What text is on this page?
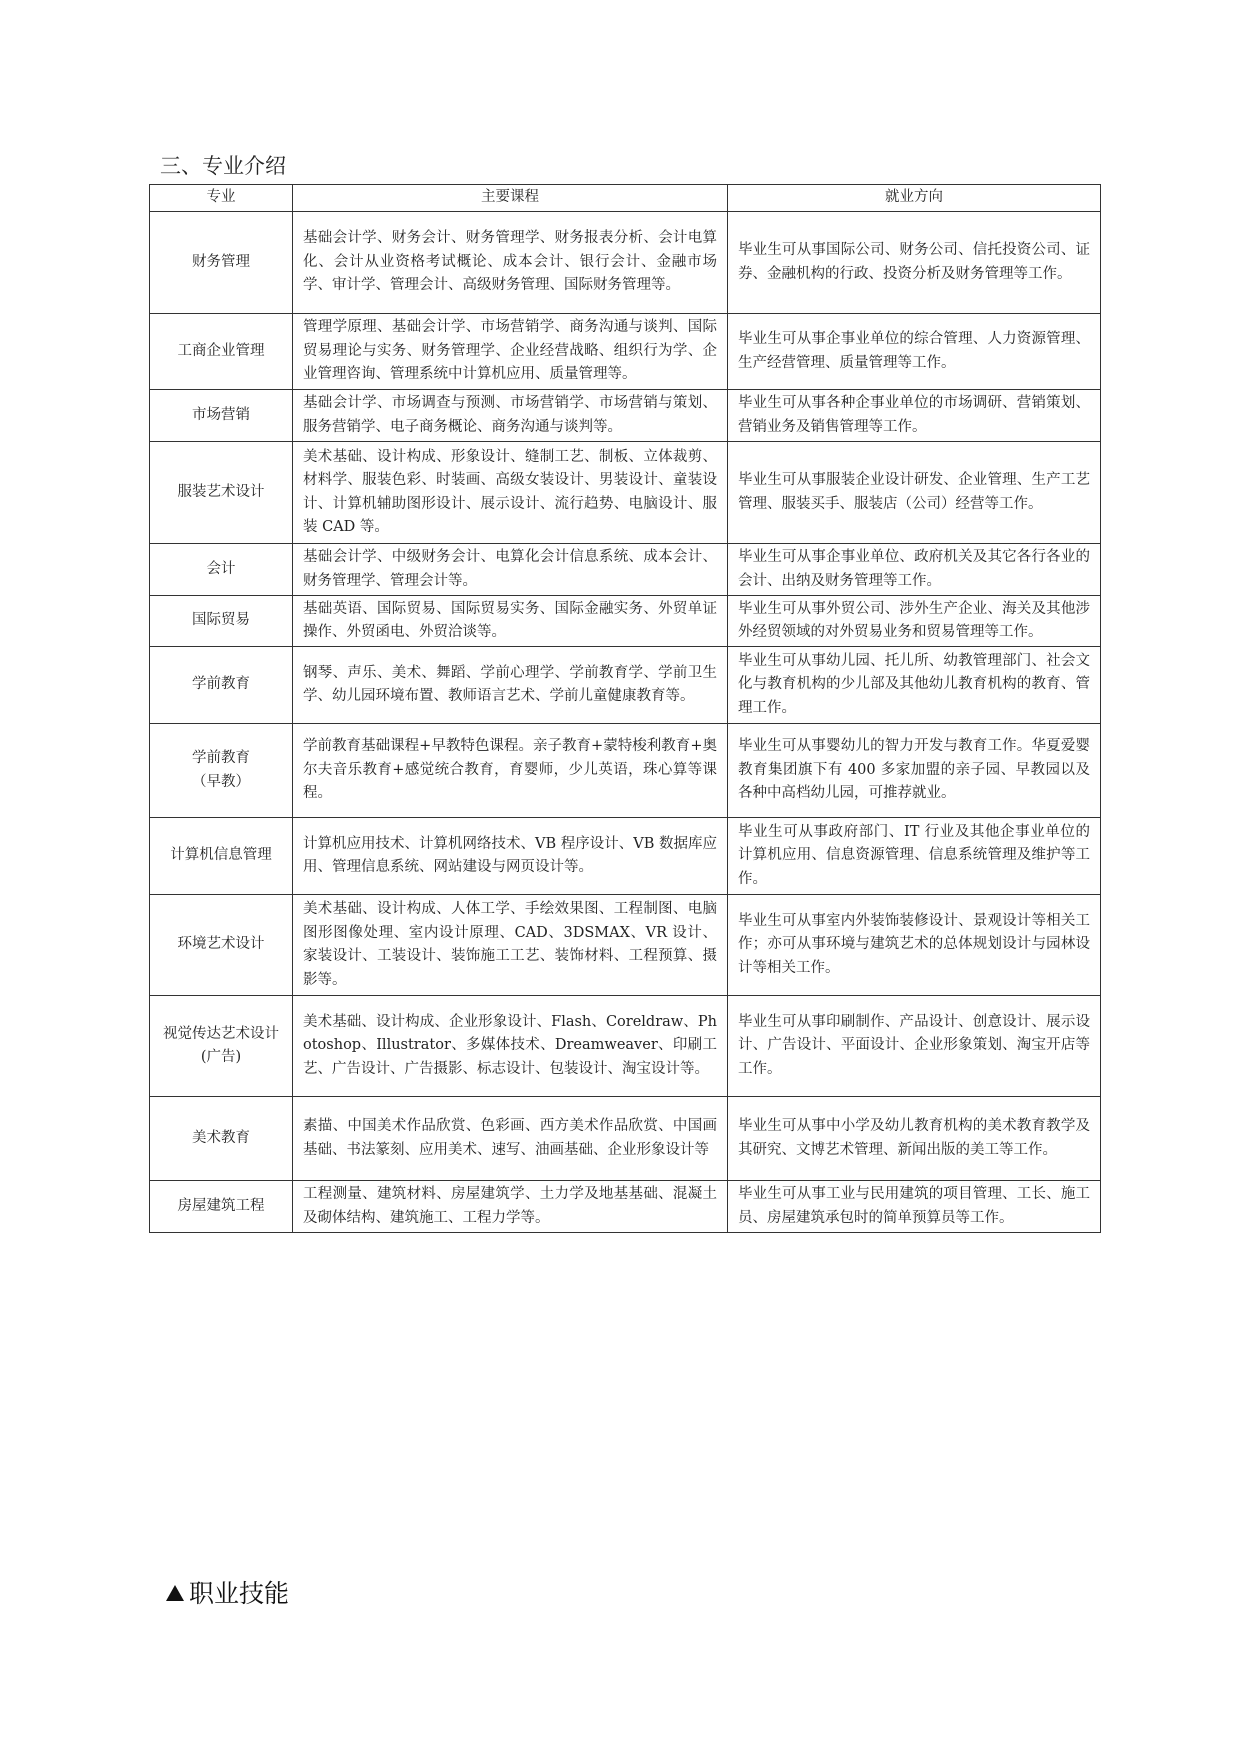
三、专业介绍
专业	主要课程	就业方向

财务管理	基础会计学、财务会计、财务管理学、财务报表分析、会计电算化、会计从业资格考试概论、成本会计、银行会计、金融市场学、审计学、管理会计、高级财务管理、国际财务管理等。	毕业生可从事国际公司、财务公司、信托投资公司、证券、金融机构的行政、投资分析及财务管理等工作。

工商企业管理	管理学原理、基础会计学、市场营销学、商务沟通与谈判、国际贸易理论与实务、财务管理学、企业经营战略、组织行为学、企业管理咨询、管理系统中计算机应用、质量管理等。	毕业生可从事企事业单位的综合管理、人力资源管理、生产经营管理、质量管理等工作。

市场营销	基础会计学、市场调查与预测、市场营销学、市场营销与策划、服务营销学、电子商务概论、商务沟通与谈判等。	毕业生可从事各种企事业单位的市场调研、营销策划、营销业务及销售管理等工作。

服装艺术设计	美术基础、设计构成、形象设计、缝制工艺、制板、立体裁剪、材料学、服装色彩、时装画、高级女装设计、男装设计、童装设计、计算机辅助图形设计、展示设计、流行趋势、电脑设计、服装 CAD 等。	毕业生可从事服装企业设计研发、企业管理、生产工艺管理、服装买手、服装店（公司）经营等工作。

会计	基础会计学、中级财务会计、电算化会计信息系统、成本会计、财务管理学、管理会计等。	毕业生可从事企事业单位、政府机关及其它各行各业的会计、出纳及财务管理等工作。

国际贸易	基础英语、国际贸易、国际贸易实务、国际金融实务、外贸单证操作、外贸函电、外贸洽谈等。	毕业生可从事外贸公司、涉外生产企业、海关及其他涉外经贸领域的对外贸易业务和贸易管理等工作。

学前教育	钢琴、声乐、美术、舞蹈、学前心理学、学前教育学、学前卫生学、幼儿园环境布置、教师语言艺术、学前儿童健康教育等。	毕业生可从事幼儿园、托儿所、幼教管理部门、社会文化与教育机构的少儿部及其他幼儿教育机构的教育、管理工作。

学前教育
（早教）	学前教育基础课程+早教特色课程。亲子教育+蒙特梭利教育+奥尔夫音乐教育+感觉统合教育，育婴师，少儿英语，珠心算等课程。	毕业生可从事婴幼儿的智力开发与教育工作。华夏爱婴教育集团旗下有 400 多家加盟的亲子园、早教园以及各种中高档幼儿园，可推荐就业。

计算机信息管理	计算机应用技术、计算机网络技术、VB 程序设计、VB 数据库应用、管理信息系统、网站建设与网页设计等。	毕业生可从事政府部门、IT 行业及其他企事业单位的计算机应用、信息资源管理、信息系统管理及维护等工作。

环境艺术设计	美术基础、设计构成、人体工学、手绘效果图、工程制图、电脑图形图像处理、室内设计原理、CAD、3DSMAX、VR 设计、家装设计、工装设计、装饰施工工艺、装饰材料、工程预算、摄影等。	毕业生可从事室内外装饰装修设计、景观设计等相关工作；亦可从事环境与建筑艺术的总体规划设计与园林设计等相关工作。

视觉传达艺术设计
(广告)	美术基础、设计构成、企业形象设计、Flash、Coreldraw、Photoshop、Illustrator、多媒体技术、Dreamweaver、印刷工艺、广告设计、广告摄影、标志设计、包装设计、淘宝设计等。	毕业生可从事印刷制作、产品设计、创意设计、展示设计、广告设计、平面设计、企业形象策划、淘宝开店等工作。

美术教育	素描、中国美术作品欣赏、色彩画、西方美术作品欣赏、中国画基础、书法篆刻、应用美术、速写、油画基础、企业形象设计等	毕业生可从事中小学及幼儿教育机构的美术教育教学及其研究、文博艺术管理、新闻出版的美工等工作。

房屋建筑工程	工程测量、建筑材料、房屋建筑学、土力学及地基基础、混凝土及砌体结构、建筑施工、工程力学等。	毕业生可从事工业与民用建筑的项目管理、工长、施工员、房屋建筑承包时的简单预算员等工作。
职业技能
